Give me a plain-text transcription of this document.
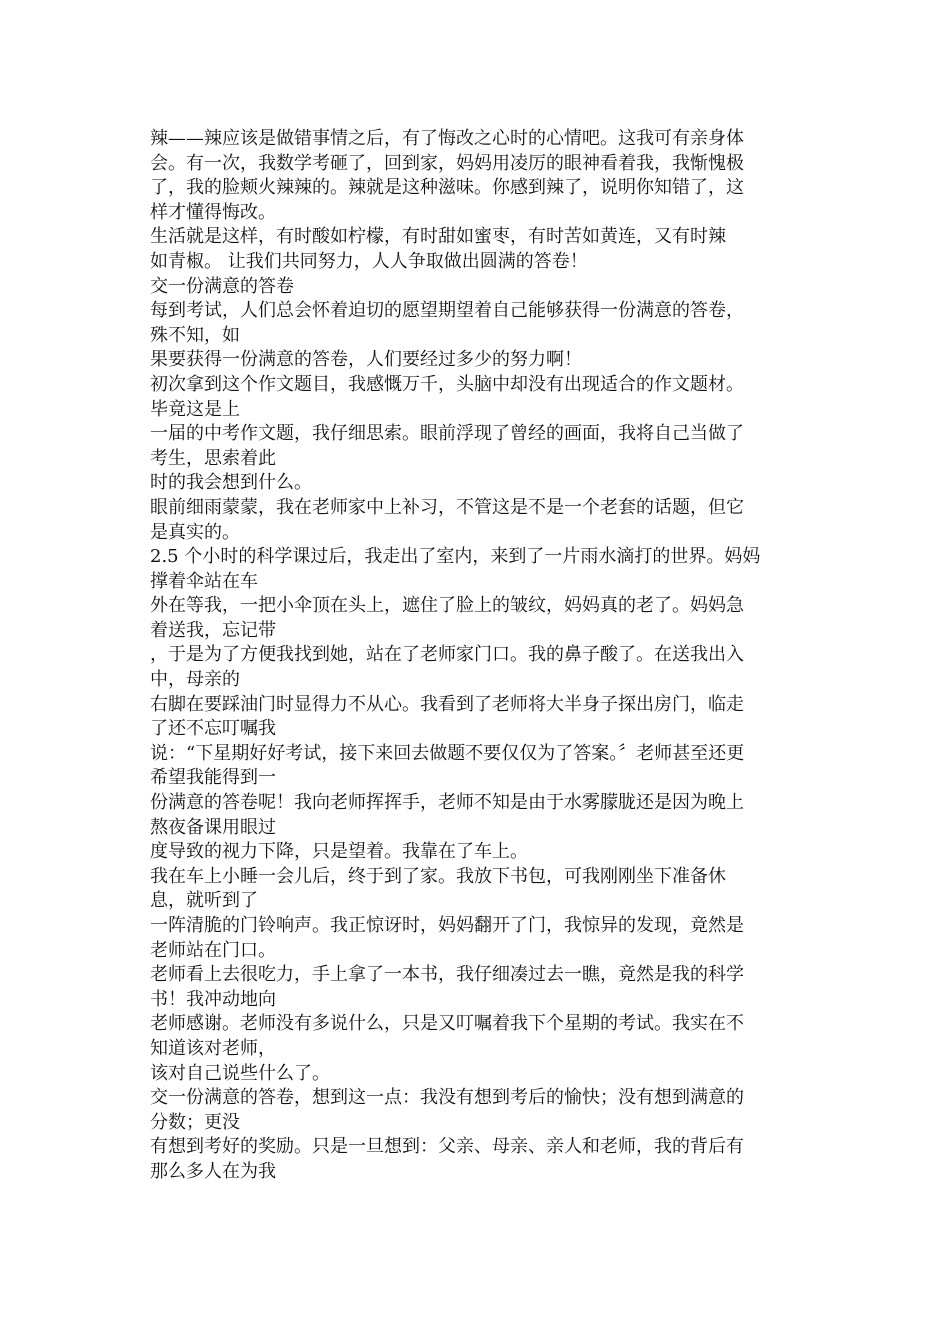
辣——辣应该是做错事情之后，有了悔改之心时的心情吧。这我可有亲身体
会。有一次，我数学考砸了，回到家，妈妈用凌厉的眼神看着我，我惭愧极
了，我的脸颊火辣辣的。辣就是这种滋味。你感到辣了，说明你知错了，这
样才懂得悔改。
生活就是这样，有时酸如柠檬，有时甜如蜜枣，有时苦如黄连，又有时辣
如青椒。 让我们共同努力，人人争取做出圆满的答卷！
交一份满意的答卷
每到考试，人们总会怀着迫切的愿望期望着自己能够获得一份满意的答卷，
殊不知，如
果要获得一份满意的答卷，人们要经过多少的努力啊！
初次拿到这个作文题目，我感慨万千，头脑中却没有出现适合的作文题材。
毕竟这是上
一届的中考作文题，我仔细思索。眼前浮现了曾经的画面，我将自己当做了
考生，思索着此
时的我会想到什么。
眼前细雨蒙蒙，我在老师家中上补习，不管这是不是一个老套的话题，但它
是真实的。
2.5 个小时的科学课过后，我走出了室内，来到了一片雨水滴打的世界。妈妈
撑着伞站在车
外在等我，一把小伞顶在头上，遮住了脸上的皱纹，妈妈真的老了。妈妈急
着送我，忘记带
，于是为了方便我找到她，站在了老师家门口。我的鼻子酸了。在送我出入
中，母亲的
右脚在要踩油门时显得力不从心。我看到了老师将大半身子探出房门，临走
了还不忘叮嘱我
说：“下星期好好考试，接下来回去做题不要仅仅为了答案。〞老师甚至还更
希望我能得到一
份满意的答卷呢！我向老师挥挥手，老师不知是由于水雾朦胧还是因为晚上
熬夜备课用眼过
度导致的视力下降，只是望着。我靠在了车上。
我在车上小睡一会儿后，终于到了家。我放下书包，可我刚刚坐下准备休
息，就听到了
一阵清脆的门铃响声。我正惊讶时，妈妈翻开了门，我惊异的发现，竟然是
老师站在门口。
老师看上去很吃力，手上拿了一本书，我仔细凑过去一瞧，竟然是我的科学
书！我冲动地向
老师感谢。老师没有多说什么，只是又叮嘱着我下个星期的考试。我实在不
知道该对老师，
该对自己说些什么了。
交一份满意的答卷，想到这一点：我没有想到考后的愉快；没有想到满意的
分数；更没
有想到考好的奖励。只是一旦想到：父亲、母亲、亲人和老师，我的背后有
那么多人在为我
